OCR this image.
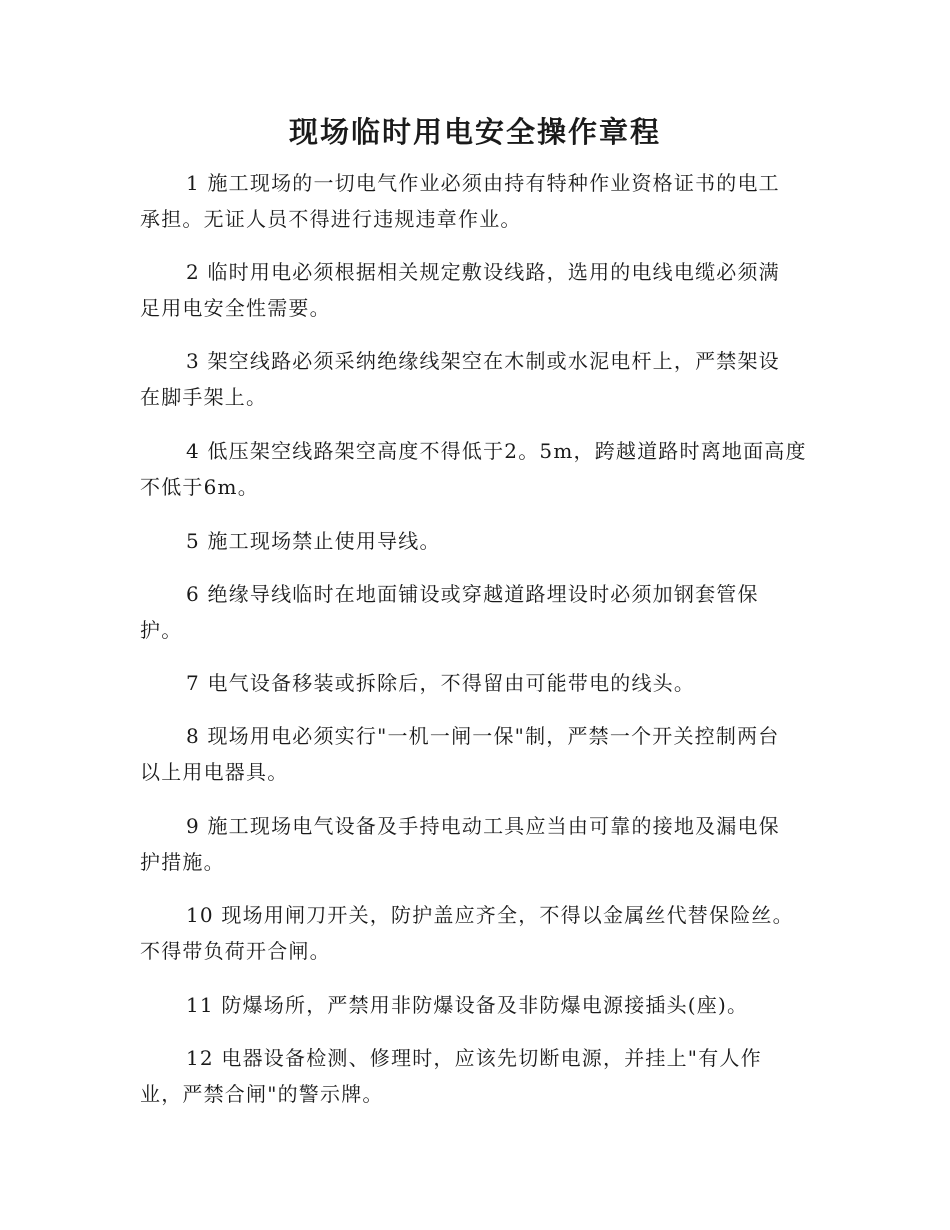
现场临时用电安全操作章程
1 施工现场的一切电气作业必须由持有特种作业资格证书的电工
承担。无证人员不得进行违规违章作业。
2 临时用电必须根据相关规定敷设线路，选用的电线电缆必须满
足用电安全性需要。
3 架空线路必须采纳绝缘线架空在木制或水泥电杆上，严禁架设
在脚手架上。
4 低压架空线路架空高度不得低于2。5m，跨越道路时离地面高度
不低于6m。
5 施工现场禁止使用导线。
6 绝缘导线临时在地面铺设或穿越道路埋设时必须加钢套管保
护。
7 电气设备移装或拆除后，不得留由可能带电的线头。
8 现场用电必须实行"一机一闸一保"制，严禁一个开关控制两台
以上用电器具。
9 施工现场电气设备及手持电动工具应当由可靠的接地及漏电保
护措施。
10 现场用闸刀开关，防护盖应齐全，不得以金属丝代替保险丝。
不得带负荷开合闸。
11 防爆场所，严禁用非防爆设备及非防爆电源接插头(座)。
12 电器设备检测、修理时，应该先切断电源，并挂上"有人作
业，严禁合闸"的警示牌。
